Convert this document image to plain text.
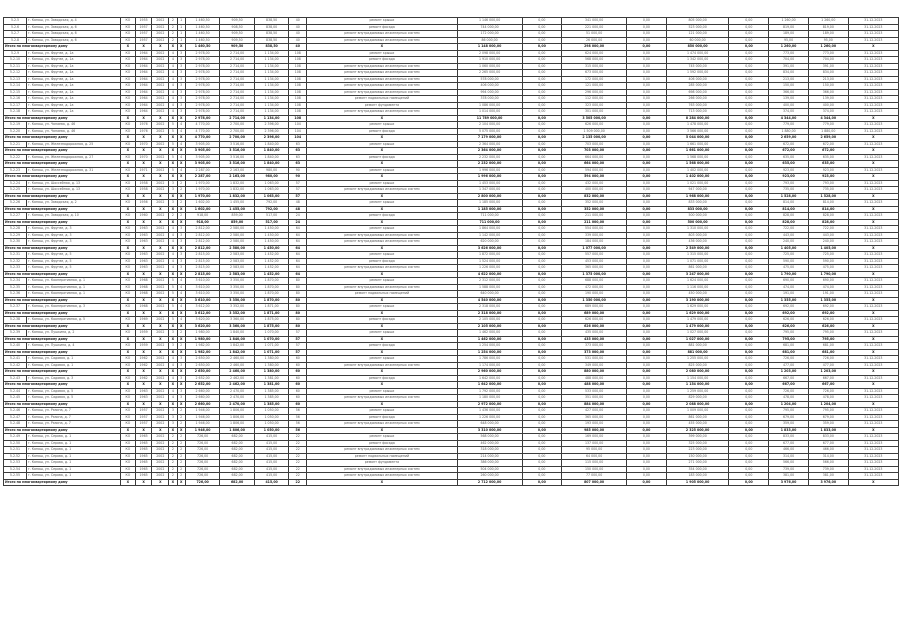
5.2.5	г. Канаш, ул. Заводская, д. 4	КО	1955	2002	2	1	1 460,50	909,50	838,50	40	ремонт крыши	1 146 000,00	0,00	341 000,00	0,00	805 000,00	0,00	1 260,00	1 260,00	31.12.2023
5.2.6	г. Канаш, ул. Заводская, д. 6	КО	1957	2002	2	1	1 460,50	908,50	838,00	40	ремонт фасада	744 000,00	0,00	221 000,00	0,00	523 000,00	0,00	819,00	819,00	31.12.2023
5.2.7	г. Канаш, ул. Заводская, д. 6	КО	1957	2002	2	1	1 460,50	909,50	838,50	40	ремонт внутридомовых инженерных систем	172 000,00	0,00	51 000,00	0,00	121 000,00	0,00	189,00	189,00	31.12.2023
5.2.8	г. Канаш, ул. Заводская, д. 6	КО	1957	2002	2	1	1 460,50	909,50	838,50	40	ремонт внутридомовых инженерных систем	86 000,00	0,00	26 000,00	0,00	60 000,00	0,00	95,00	95,00	31.12.2023
Итого по многоквартирному дому		X	X	X	X	X	1 460,50	909,50	838,50	40	X	1 148 000,00	0,00	298 000,00	0,00	850 000,00	0,00	1 260,00	1 260,00	X
5.2.9	г. Канаш, ул. Фрунзе, д. 1а	КО	1964	2002	4	3	2 978,00	2 714,00	1 134,00	108	ремонт крыши	2 098 000,00	0,00	624 000,00	0,00	1 474 000,00	0,00	773,00	773,00	31.12.2023
5.2.10	г. Канаш, ул. Фрунзе, д. 1а	КО	1964	2002	4	3	2 978,00	2 714,00	1 134,00	108	ремонт фасада	1 910 000,00	0,00	568 000,00	0,00	1 342 000,00	0,00	704,00	704,00	31.12.2023
5.2.11	г. Канаш, ул. Фрунзе, д. 1а	КО	1964	2002	4	3	2 978,00	2 714,00	1 134,00	108	ремонт внутридомовых инженерных систем	1 060 000,00	0,00	315 000,00	0,00	745 000,00	0,00	391,00	391,00	31.12.2023
5.2.12	г. Канаш, ул. Фрунзе, д. 1а	КО	1964	2002	4	3	2 978,00	2 714,00	1 134,00	108	ремонт внутридомовых инженерных систем	2 265 000,00	0,00	673 000,00	0,00	1 592 000,00	0,00	834,00	834,00	31.12.2023
5.2.13	г. Канаш, ул. Фрунзе, д. 1а	КО	1964	2002	4	3	2 978,00	2 714,00	1 134,00	108	ремонт внутридомовых инженерных систем	578 000,00	0,00	172 000,00	0,00	406 000,00	0,00	213,00	213,00	31.12.2023
5.2.14	г. Канаш, ул. Фрунзе, д. 1а	КО	1964	2002	4	3	2 978,00	2 714,00	1 134,00	108	ремонт внутридомовых инженерных систем	406 000,00	0,00	121 000,00	0,00	285 000,00	0,00	150,00	150,00	31.12.2023
5.2.15	г. Канаш, ул. Фрунзе, д. 1а	КО	1964	2002	4	3	2 978,00	2 714,00	1 134,00	108	ремонт внутридомовых инженерных систем	994 000,00	0,00	296 000,00	0,00	698 000,00	0,00	366,00	366,00	31.12.2023
5.2.16	г. Канаш, ул. Фрунзе, д. 1а	КО	1964	2002	4	3	2 978,00	2 714,00	1 134,00	108	ремонт подвальных помещений	378 000,00	0,00	112 000,00	0,00	266 000,00	0,00	139,00	139,00	31.12.2023
5.2.17	г. Канаш, ул. Фрунзе, д. 1а	КО	1964	2002	4	3	2 978,00	2 714,00	1 134,00	108	ремонт фундамента	1 086 000,00	0,00	323 000,00	0,00	763 000,00	0,00	400,00	400,00	31.12.2023
5.2.18	г. Канаш, ул. Фрунзе, д. 1а	КО	1964	2002	4	3	2 978,00	2 714,00	1 134,00	108	ремонт внутридомовых инженерных систем	1 014 000,00	0,00	301 000,00	0,00	713 000,00	0,00	374,00	374,00	31.12.2023
Итого по многоквартирному дому		X	X	X	X	X	2 978,00	2 714,00	1 134,00	108	X	11 789 000,00	0,00	3 505 000,00	0,00	8 284 000,00	0,00	4 344,00	4 344,00	X
5.2.19	г. Канаш, ул. Чапаева, д. 46	КО	1976	2002	5	4	4 770,00	2 700,00	2 396,00	104	ремонт крыши	2 104 000,00	0,00	626 000,00	0,00	1 478 000,00	0,00	779,00	779,00	31.12.2023
5.2.20	г. Канаш, ул. Чапаева, д. 46	КО	1976	2002	5	4	4 770,00	2 700,00	2 396,00	104	ремонт фасада	5 075 000,00	0,00	1 509 000,00	0,00	3 566 000,00	0,00	1 880,00	1 880,00	31.12.2023
Итого по многоквартирному дому		X	X	X	X	X	4 770,00	2 700,00	2 396,00	104	X	7 179 000,00	0,00	2 135 000,00	0,00	5 044 000,00	0,00	2 659,00	2 659,00	X
5.2.21	г. Канаш, ул. Железнодорожная, д. 25	КО	1970	2002	5	4	3 905,00	3 516,00	1 840,00	63	ремонт крыши	2 364 000,00	0,00	703 000,00	0,00	1 661 000,00	0,00	672,00	672,00	31.12.2023
Итого по многоквартирному дому		X	X	X	X	X	3 905,00	3 516,00	1 840,00	63	X	2 364 000,00	0,00	703 000,00	0,00	1 661 000,00	0,00	672,00	672,00	X
5.2.22	г. Канаш, ул. Железнодорожная, д. 27	КО	1970	2002	5	4	3 905,00	3 516,00	1 840,00	63	ремонт фасада	2 232 000,00	0,00	664 000,00	0,00	1 568 000,00	0,00	635,00	635,00	31.12.2023
Итого по многоквартирному дому		X	X	X	X	X	3 905,00	3 516,00	1 840,00	63	X	2 232 000,00	0,00	664 000,00	0,00	1 568 000,00	0,00	635,00	635,00	X
5.2.23	г. Канаш, ул. Железнодорожная, д. 31	КО	1971	2002	5	4	2 287,00	2 163,00	980,00	90	ремонт крыши	1 996 000,00	0,00	594 000,00	0,00	1 402 000,00	0,00	923,00	923,00	31.12.2023
Итого по многоквартирному дому		X	X	X	X	X	2 287,00	2 163,00	980,00	90	X	1 996 000,00	0,00	594 000,00	0,00	1 402 000,00	0,00	923,00	923,00	X
5.2.24	г. Канаш, ул. Шоссейная, д. 13	КО	1958	2002	3	2	1 970,00	1 832,00	1 063,00	57	ремонт крыши	1 453 000,00	0,00	432 000,00	0,00	1 021 000,00	0,00	793,00	793,00	31.12.2023
5.2.25	г. Канаш, ул. Шоссейная, д. 13	КО	1958	2002	3	2	1 970,00	1 832,00	1 063,00	57	ремонт внутридомовых инженерных систем	1 347 000,00	0,00	400 000,00	0,00	947 000,00	0,00	735,00	735,00	31.12.2023
Итого по многоквартирному дому		X	X	X	X	X	1 970,00	1 832,00	1 063,00	57	X	2 800 000,00	0,00	832 000,00	0,00	1 968 000,00	0,00	1 528,00	1 528,00	X
5.2.26	г. Канаш, ул. Заводская, д. 2	КО	1956	2002	3	2	1 602,00	1 455,00	792,00	48	ремонт крыши	1 185 000,00	0,00	352 000,00	0,00	833 000,00	0,00	814,00	814,00	31.12.2023
Итого по многоквартирному дому		X	X	X	X	X	1 602,00	1 455,00	792,00	48	X	1 185 000,00	0,00	352 000,00	0,00	833 000,00	0,00	814,00	814,00	X
5.2.27	г. Канаш, ул. Заводская, д. 10	КО	1960	2002	2	2	918,00	859,00	517,00	24	ремонт фасада	711 000,00	0,00	211 000,00	0,00	500 000,00	0,00	828,00	828,00	31.12.2023
Итого по многоквартирному дому		X	X	X	X	X	918,00	859,00	517,00	24	X	711 000,00	0,00	211 000,00	0,00	500 000,00	0,00	828,00	828,00	X
5.2.28	г. Канаш, ул. Фрунзе, д. 3	КО	1963	2002	4	3	2 812,00	2 580,00	1 450,00	64	ремонт крыши	1 864 000,00	0,00	554 000,00	0,00	1 310 000,00	0,00	722,00	722,00	31.12.2023
5.2.29	г. Канаш, ул. Фрунзе, д. 3	КО	1963	2002	4	3	2 812,00	2 580,00	1 450,00	64	ремонт внутридомовых инженерных систем	1 142 000,00	0,00	339 000,00	0,00	803 000,00	0,00	443,00	443,00	31.12.2023
5.2.30	г. Канаш, ул. Фрунзе, д. 3	КО	1963	2002	4	3	2 812,00	2 580,00	1 450,00	64	ремонт внутридомовых инженерных систем	620 000,00	0,00	184 000,00	0,00	436 000,00	0,00	240,00	240,00	31.12.2023
Итого по многоквартирному дому		X	X	X	X	X	2 812,00	2 580,00	1 450,00	64	X	3 626 000,00	0,00	1 077 000,00	0,00	2 549 000,00	0,00	1 405,00	1 405,00	X
5.2.31	г. Канаш, ул. Фрунзе, д. 5	КО	1963	2002	4	3	2 815,00	2 583,00	1 452,00	64	ремонт крыши	1 872 000,00	0,00	557 000,00	0,00	1 315 000,00	0,00	725,00	725,00	31.12.2023
5.2.32	г. Канаш, ул. Фрунзе, д. 5	КО	1963	2002	4	3	2 815,00	2 583,00	1 452,00	64	ремонт фасада	1 524 000,00	0,00	453 000,00	0,00	1 071 000,00	0,00	590,00	590,00	31.12.2023
5.2.33	г. Канаш, ул. Фрунзе, д. 5	КО	1963	2002	4	3	2 815,00	2 583,00	1 452,00	64	ремонт внутридомовых инженерных систем	1 226 000,00	0,00	365 000,00	0,00	861 000,00	0,00	475,00	475,00	31.12.2023
Итого по многоквартирному дому		X	X	X	X	X	2 815,00	2 583,00	1 452,00	64	X	4 622 000,00	0,00	1 375 000,00	0,00	3 247 000,00	0,00	1 790,00	1 790,00	X
5.2.34	г. Канаш, ул. Кооперативная, д. 1	КО	1968	2002	5	4	3 610,00	3 350,00	1 870,00	80	ремонт крыши	2 312 000,00	0,00	688 000,00	0,00	1 624 000,00	0,00	690,00	690,00	31.12.2023
5.2.35	г. Канаш, ул. Кооперативная, д. 1	КО	1968	2002	5	4	3 610,00	3 350,00	1 870,00	80	ремонт внутридомовых инженерных систем	1 588 000,00	0,00	472 000,00	0,00	1 116 000,00	0,00	474,00	474,00	31.12.2023
5.2.36	г. Канаш, ул. Кооперативная, д. 1	КО	1968	2002	5	4	3 610,00	3 350,00	1 870,00	80	ремонт подвальных помещений	640 000,00	0,00	190 000,00	0,00	450 000,00	0,00	191,00	191,00	31.12.2023
Итого по многоквартирному дому		X	X	X	X	X	3 610,00	3 350,00	1 870,00	80	X	4 540 000,00	0,00	1 350 000,00	0,00	3 190 000,00	0,00	1 355,00	1 355,00	X
5.2.37	г. Канаш, ул. Кооперативная, д. 3	КО	1968	2002	5	4	3 612,00	3 352,00	1 871,00	80	ремонт крыши	2 318 000,00	0,00	689 000,00	0,00	1 629 000,00	0,00	692,00	692,00	31.12.2023
Итого по многоквартирному дому		X	X	X	X	X	3 612,00	3 352,00	1 871,00	80	X	2 318 000,00	0,00	689 000,00	0,00	1 629 000,00	0,00	692,00	692,00	X
5.2.38	г. Канаш, ул. Кооперативная, д. 5	КО	1969	2002	5	4	3 620,00	3 360,00	1 875,00	80	ремонт фасада	2 105 000,00	0,00	626 000,00	0,00	1 479 000,00	0,00	626,00	626,00	31.12.2023
Итого по многоквартирному дому		X	X	X	X	X	3 620,00	3 360,00	1 875,00	80	X	2 105 000,00	0,00	626 000,00	0,00	1 479 000,00	0,00	626,00	626,00	X
5.2.39	г. Канаш, ул. Пушкина, д. 2	КО	1959	2002	3	2	1 980,00	1 840,00	1 070,00	57	ремонт крыши	1 462 000,00	0,00	435 000,00	0,00	1 027 000,00	0,00	795,00	795,00	31.12.2023
Итого по многоквартирному дому		X	X	X	X	X	1 980,00	1 840,00	1 070,00	57	X	1 462 000,00	0,00	435 000,00	0,00	1 027 000,00	0,00	795,00	795,00	X
5.2.40	г. Канаш, ул. Пушкина, д. 4	КО	1959	2002	3	2	1 982,00	1 842,00	1 071,00	57	ремонт фасада	1 254 000,00	0,00	373 000,00	0,00	881 000,00	0,00	681,00	681,00	31.12.2023
Итого по многоквартирному дому		X	X	X	X	X	1 982,00	1 842,00	1 071,00	57	X	1 254 000,00	0,00	373 000,00	0,00	881 000,00	0,00	681,00	681,00	X
5.2.41	г. Канаш, ул. Садовая, д. 1	КО	1962	2002	4	3	2 650,00	2 460,00	1 380,00	60	ремонт крыши	1 786 000,00	0,00	531 000,00	0,00	1 255 000,00	0,00	726,00	726,00	31.12.2023
5.2.42	г. Канаш, ул. Садовая, д. 1	КО	1962	2002	4	3	2 650,00	2 460,00	1 380,00	60	ремонт внутридомовых инженерных систем	1 174 000,00	0,00	349 000,00	0,00	825 000,00	0,00	477,00	477,00	31.12.2023
Итого по многоквартирному дому		X	X	X	X	X	2 650,00	2 460,00	1 380,00	60	X	2 960 000,00	0,00	880 000,00	0,00	2 080 000,00	0,00	1 203,00	1 203,00	X
5.2.43	г. Канаш, ул. Садовая, д. 3	КО	1962	2002	4	3	2 652,00	2 462,00	1 381,00	60	ремонт фасада	1 642 000,00	0,00	488 000,00	0,00	1 154 000,00	0,00	667,00	667,00	31.12.2023
Итого по многоквартирному дому		X	X	X	X	X	2 652,00	2 462,00	1 381,00	60	X	1 642 000,00	0,00	488 000,00	0,00	1 154 000,00	0,00	667,00	667,00	X
5.2.44	г. Канаш, ул. Садовая, д. 5	КО	1963	2002	4	3	2 660,00	2 470,00	1 385,00	60	ремонт крыши	1 792 000,00	0,00	533 000,00	0,00	1 259 000,00	0,00	726,00	726,00	31.12.2023
5.2.45	г. Канаш, ул. Садовая, д. 5	КО	1963	2002	4	3	2 660,00	2 470,00	1 385,00	60	ремонт внутридомовых инженерных систем	1 180 000,00	0,00	351 000,00	0,00	829 000,00	0,00	478,00	478,00	31.12.2023
Итого по многоквартирному дому		X	X	X	X	X	2 660,00	2 470,00	1 385,00	60	X	2 972 000,00	0,00	884 000,00	0,00	2 088 000,00	0,00	1 204,00	1 204,00	X
5.2.46	г. Канаш, ул. Разина, д. 7	КО	1957	2002	3	2	1 946,00	1 806,00	1 050,00	56	ремонт крыши	1 436 000,00	0,00	427 000,00	0,00	1 009 000,00	0,00	795,00	795,00	31.12.2023
5.2.47	г. Канаш, ул. Разина, д. 7	КО	1957	2002	3	2	1 946,00	1 806,00	1 050,00	56	ремонт фасада	1 226 000,00	0,00	365 000,00	0,00	861 000,00	0,00	679,00	679,00	31.12.2023
5.2.48	г. Канаш, ул. Разина, д. 7	КО	1957	2002	3	2	1 946,00	1 806,00	1 050,00	56	ремонт внутридомовых инженерных систем	648 000,00	0,00	193 000,00	0,00	455 000,00	0,00	359,00	359,00	31.12.2023
Итого по многоквартирному дому		X	X	X	X	X	1 946,00	1 806,00	1 050,00	56	X	3 310 000,00	0,00	985 000,00	0,00	2 325 000,00	0,00	1 833,00	1 833,00	X
5.2.49	г. Канаш, ул. Серова, д. 1	КО	1965	2002	2	2	726,00	682,00	415,00	22	ремонт крыши	568 000,00	0,00	169 000,00	0,00	399 000,00	0,00	833,00	833,00	31.12.2023
5.2.50	г. Канаш, ул. Серова, д. 1	КО	1965	2002	2	2	726,00	682,00	415,00	22	ремонт фасада	462 000,00	0,00	137 000,00	0,00	325 000,00	0,00	677,00	677,00	31.12.2023
5.2.51	г. Канаш, ул. Серова, д. 1	КО	1965	2002	2	2	726,00	682,00	415,00	22	ремонт внутридомовых инженерных систем	318 000,00	0,00	95 000,00	0,00	223 000,00	0,00	466,00	466,00	31.12.2023
5.2.52	г. Канаш, ул. Серова, д. 1	КО	1965	2002	2	2	726,00	682,00	415,00	22	ремонт подвальных помещений	214 000,00	0,00	64 000,00	0,00	150 000,00	0,00	314,00	314,00	31.12.2023
5.2.53	г. Канаш, ул. Серова, д. 1	КО	1965	2002	2	2	726,00	682,00	415,00	22	ремонт фундамента	386 000,00	0,00	115 000,00	0,00	271 000,00	0,00	566,00	566,00	31.12.2023
5.2.54	г. Канаш, ул. Серова, д. 1	КО	1965	2002	2	2	726,00	682,00	415,00	22	ремонт внутридомовых инженерных систем	504 000,00	0,00	150 000,00	0,00	354 000,00	0,00	739,00	739,00	31.12.2023
5.2.55	г. Канаш, ул. Серова, д. 1	КО	1965	2002	2	2	726,00	682,00	415,00	22	ремонт внутридомовых инженерных систем	260 000,00	0,00	77 000,00	0,00	183 000,00	0,00	381,00	381,00	31.12.2023
Итого по многоквартирному дому		X	X	X	X	X	726,00	682,00	415,00	22	X	2 712 000,00	0,00	807 000,00	0,00	1 905 000,00	0,00	3 976,00	3 976,00	X
